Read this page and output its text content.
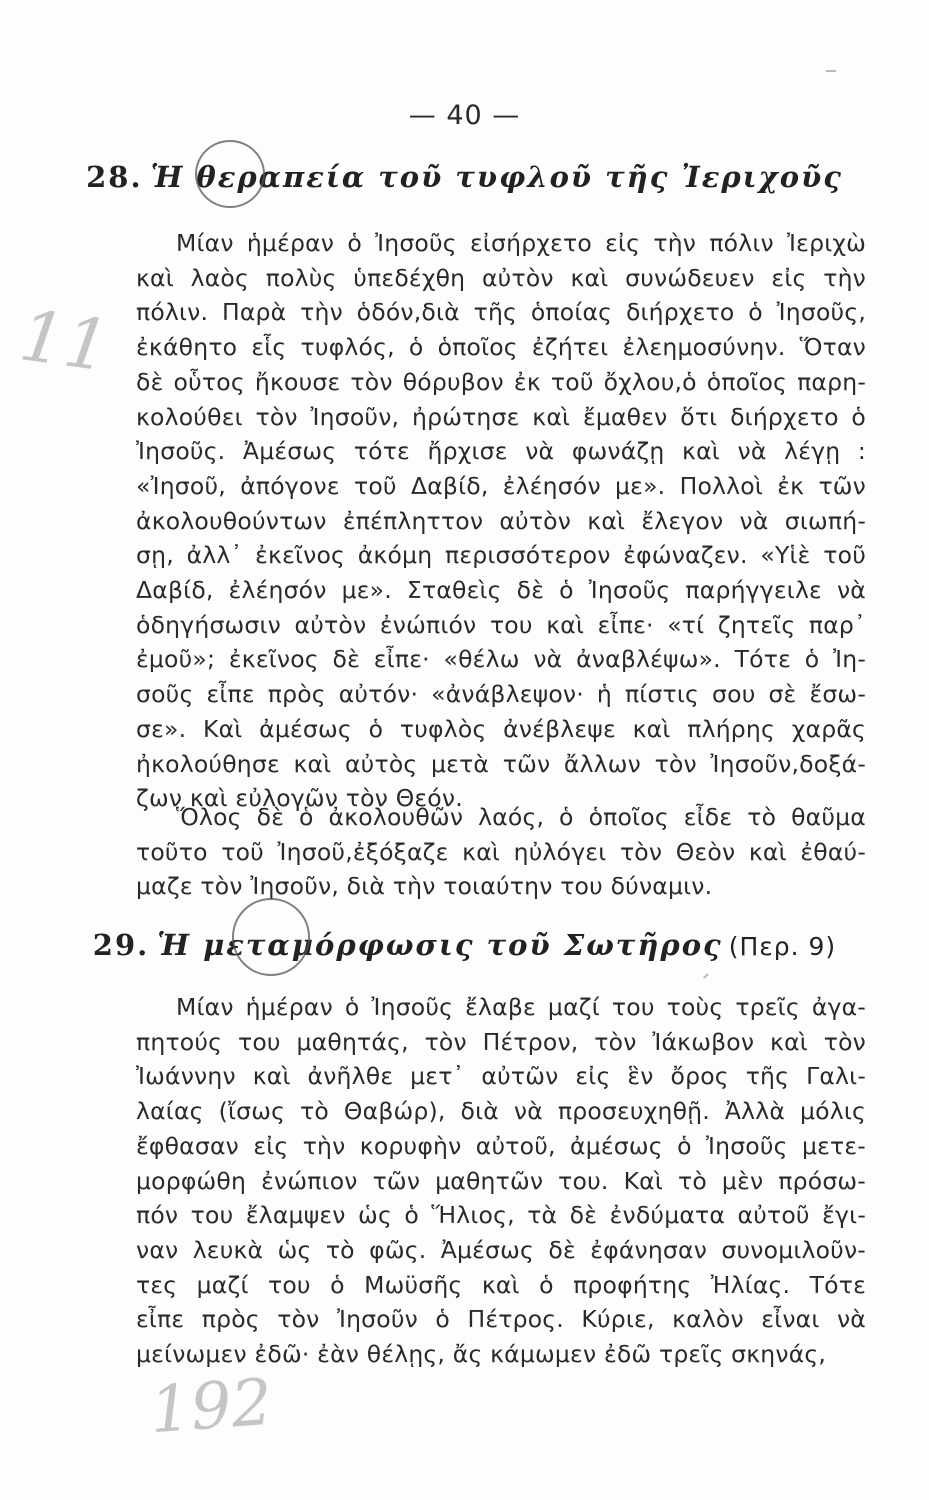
— 40 —
28. Ἡ θεραπεία τοῦ τυφλοῦ τῆς Ἰεριχοῦς
Μίαν ἡμέραν ὁ Ἰησοῦς εἰσήρχετο εἰς τὴν πόλιν Ἰεριχὼ
καὶ λαὸς πολὺς ὑπεδέχθη αὐτὸν καὶ συνώδευεν εἰς τὴν
πόλιν. Παρὰ τὴν ὁδόν,διὰ τῆς ὁποίας διήρχετο ὁ Ἰησοῦς,
ἐκάθητο εἷς τυφλός, ὁ ὁποῖος ἐζήτει ἐλεημοσύνην. Ὅταν
δὲ οὗτος ἤκουσε τὸν θόρυβον ἐκ τοῦ ὄχλου,ὁ ὁποῖος παρη-
κολούθει τὸν Ἰησοῦν, ἠρώτησε καὶ ἔμαθεν ὅτι διήρχετο ὁ
Ἰησοῦς. Ἀμέσως τότε ἤρχισε νὰ φωνάζῃ καὶ νὰ λέγῃ :
«Ἰησοῦ, ἀπόγονε τοῦ Δαβίδ, ἐλέησόν με». Πολλοὶ ἐκ τῶν
ἀκολουθούντων ἐπέπληττον αὐτὸν καὶ ἔλεγον νὰ σιωπή-
σῃ, ἀλλ᾿ ἐκεῖνος ἀκόμη περισσότερον ἐφώναζεν. «Υἱὲ τοῦ
Δαβίδ, ἐλέησόν με». Σταθεὶς δὲ ὁ Ἰησοῦς παρήγγειλε νὰ
ὁδηγήσωσιν αὐτὸν ἐνώπιόν του καὶ εἶπε· «τί ζητεῖς παρ᾿
ἐμοῦ»; ἐκεῖνος δὲ εἶπε· «θέλω νὰ ἀναβλέψω». Τότε ὁ Ἰη-
σοῦς εἶπε πρὸς αὐτόν· «ἀνάβλεψον· ἡ πίστις σου σὲ ἔσω-
σε». Καὶ ἀμέσως ὁ τυφλὸς ἀνέβλεψε καὶ πλήρης χαρᾶς
ἠκολούθησε καὶ αὐτὸς μετὰ τῶν ἄλλων τὸν Ἰησοῦν,δοξά-
ζων καὶ εὐλογῶν τὸν Θεόν.
Ὅλος δὲ ὁ ἀκολουθῶν λαός, ὁ ὁποῖος εἶδε τὸ θαῦμα
τοῦτο τοῦ Ἰησοῦ,ἐξόξαζε καὶ ηὐλόγει τὸν Θεὸν καὶ ἐθαύ-
μαζε τὸν Ἰησοῦν, διὰ τὴν τοιαύτην του δύναμιν.
29. Ἡ μεταμόρφωσις τοῦ Σωτῆρος (Περ. 9)
Μίαν ἡμέραν ὁ Ἰησοῦς ἔλαβε μαζί του τοὺς τρεῖς ἀγα-
πητούς του μαθητάς, τὸν Πέτρον, τὸν Ἰάκωβον καὶ τὸν
Ἰωάννην καὶ ἀνῆλθε μετ᾿ αὐτῶν εἰς ἓν ὄρος τῆς Γαλι-
λαίας (ἴσως τὸ Θαβώρ), διὰ νὰ προσευχηθῇ. Ἀλλὰ μόλις
ἔφθασαν εἰς τὴν κορυφὴν αὐτοῦ, ἀμέσως ὁ Ἰησοῦς μετε-
μορφώθη ἐνώπιον τῶν μαθητῶν του. Καὶ τὸ μὲν πρόσω-
πόν του ἔλαμψεν ὡς ὁ Ἥλιος, τὰ δὲ ἐνδύματα αὐτοῦ ἔγι-
ναν λευκὰ ὡς τὸ φῶς. Ἀμέσως δὲ ἐφάνησαν συνομιλοῦν-
τες μαζί του ὁ Μωϋσῆς καὶ ὁ προφήτης Ἠλίας. Τότε
εἶπε πρὸς τὸν Ἰησοῦν ὁ Πέτρος. Κύριε, καλὸν εἶναι νὰ
μείνωμεν ἐδῶ· ἐὰν θέλῃς, ἄς κάμωμεν ἐδῶ τρεῖς σκηνάς,
11
192
